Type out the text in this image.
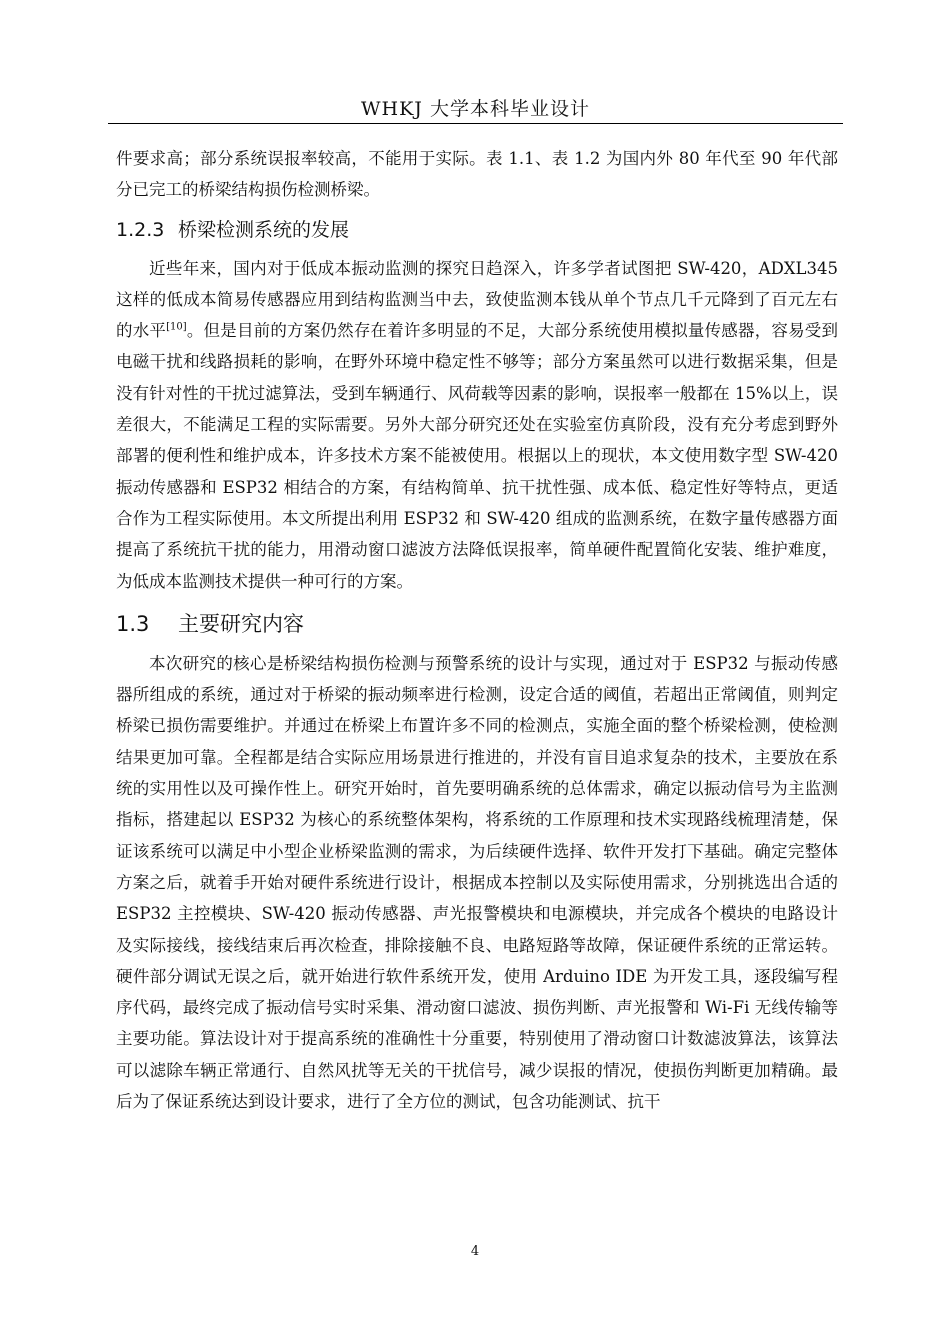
WHKJ 大学本科毕业设计

件要求高；部分系统误报率较高，不能用于实际。表 1.1、表 1.2 为国内外 80 年代至 90 年代部分已完工的桥梁结构损伤检测桥梁。

1.2.3 桥梁检测系统的发展

近些年来，国内对于低成本振动监测的探究日趋深入，许多学者试图把 SW-420，ADXL345 这样的低成本简易传感器应用到结构监测当中去，致使监测本钱从单个节点几千元降到了百元左右的水平[10]。但是目前的方案仍然存在着许多明显的不足，大部分系统使用模拟量传感器，容易受到电磁干扰和线路损耗的影响，在野外环境中稳定性不够等；部分方案虽然可以进行数据采集，但是没有针对性的干扰过滤算法，受到车辆通行、风荷载等因素的影响，误报率一般都在 15%以上，误差很大，不能满足工程的实际需要。另外大部分研究还处在实验室仿真阶段，没有充分考虑到野外部署的便利性和维护成本，许多技术方案不能被使用。根据以上的现状，本文使用数字型 SW-420 振动传感器和 ESP32 相结合的方案，有结构简单、抗干扰性强、成本低、稳定性好等特点，更适合作为工程实际使用。本文所提出利用 ESP32 和 SW-420 组成的监测系统，在数字量传感器方面提高了系统抗干扰的能力，用滑动窗口滤波方法降低误报率，简单硬件配置简化安装、维护难度，为低成本监测技术提供一种可行的方案。

1.3 主要研究内容

本次研究的核心是桥梁结构损伤检测与预警系统的设计与实现，通过对于 ESP32 与振动传感器所组成的系统，通过对于桥梁的振动频率进行检测，设定合适的阈值，若超出正常阈值，则判定桥梁已损伤需要维护。并通过在桥梁上布置许多不同的检测点，实施全面的整个桥梁检测，使检测结果更加可靠。全程都是结合实际应用场景进行推进的，并没有盲目追求复杂的技术，主要放在系统的实用性以及可操作性上。研究开始时，首先要明确系统的总体需求，确定以振动信号为主监测指标，搭建起以 ESP32 为核心的系统整体架构，将系统的工作原理和技术实现路线梳理清楚，保证该系统可以满足中小型企业桥梁监测的需求，为后续硬件选择、软件开发打下基础。确定完整体方案之后，就着手开始对硬件系统进行设计，根据成本控制以及实际使用需求，分别挑选出合适的 ESP32 主控模块、SW-420 振动传感器、声光报警模块和电源模块，并完成各个模块的电路设计及实际接线，接线结束后再次检查，排除接触不良、电路短路等故障，保证硬件系统的正常运转。硬件部分调试无误之后，就开始进行软件系统开发，使用 Arduino IDE 为开发工具，逐段编写程序代码，最终完成了振动信号实时采集、滑动窗口滤波、损伤判断、声光报警和 Wi-Fi 无线传输等主要功能。算法设计对于提高系统的准确性十分重要，特别使用了滑动窗口计数滤波算法，该算法可以滤除车辆正常通行、自然风扰等无关的干扰信号，减少误报的情况，使损伤判断更加精确。最后为了保证系统达到设计要求，进行了全方位的测试，包含功能测试、抗干

4
